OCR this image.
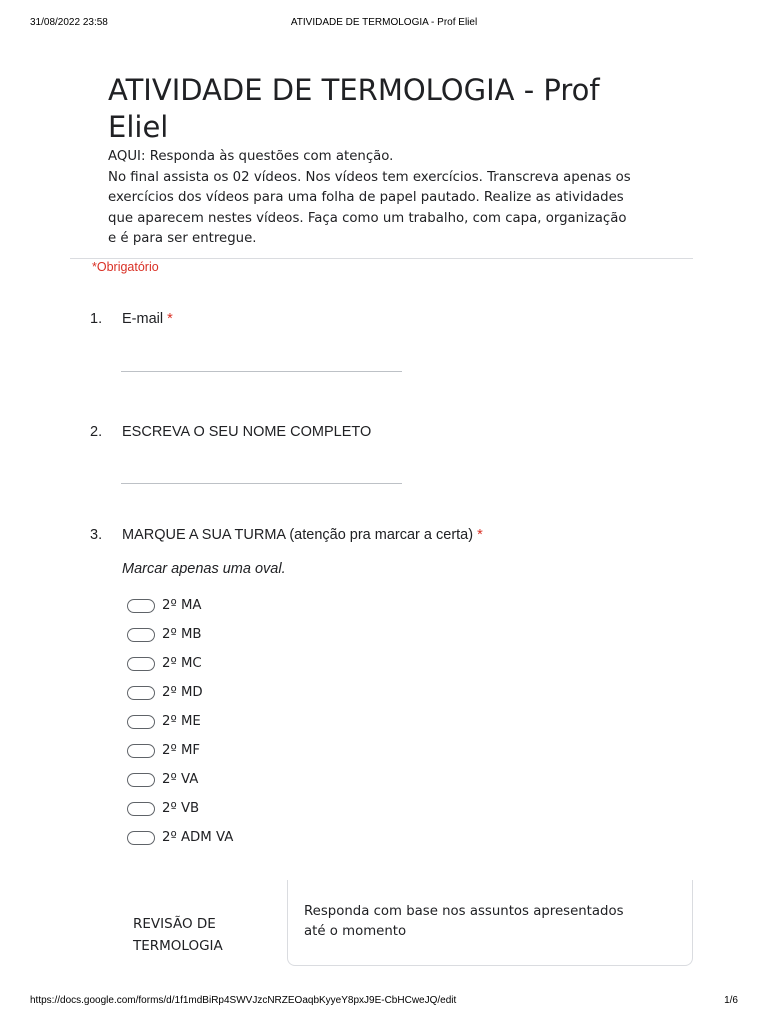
31/08/2022 23:58	ATIVIDADE DE TERMOLOGIA - Prof Eliel
ATIVIDADE DE TERMOLOGIA - Prof
Eliel
AQUI: Responda às questões com atenção.
No final assista os 02 vídeos. Nos vídeos tem exercícios. Transcreva apenas os
exercícios dos vídeos para uma folha de papel pautado. Realize as atividades
que aparecem nestes vídeos. Faça como um trabalho, com capa, organização
e é para ser entregue.
*Obrigatório
1. E-mail *
2. ESCREVA O SEU NOME COMPLETO
3. MARQUE A SUA TURMA (atenção pra marcar a certa) *
Marcar apenas uma oval.
2º MA
2º MB
2º MC
2º MD
2º ME
2º MF
2º VA
2º VB
2º ADM VA
REVISÃO DE
TERMOLOGIA
Responda com base nos assuntos apresentados
até o momento
https://docs.google.com/forms/d/1f1mdBiRp4SWVJzcNRZEOaqbKyyeY8pxJ9E-CbHCweJQ/edit	1/6
